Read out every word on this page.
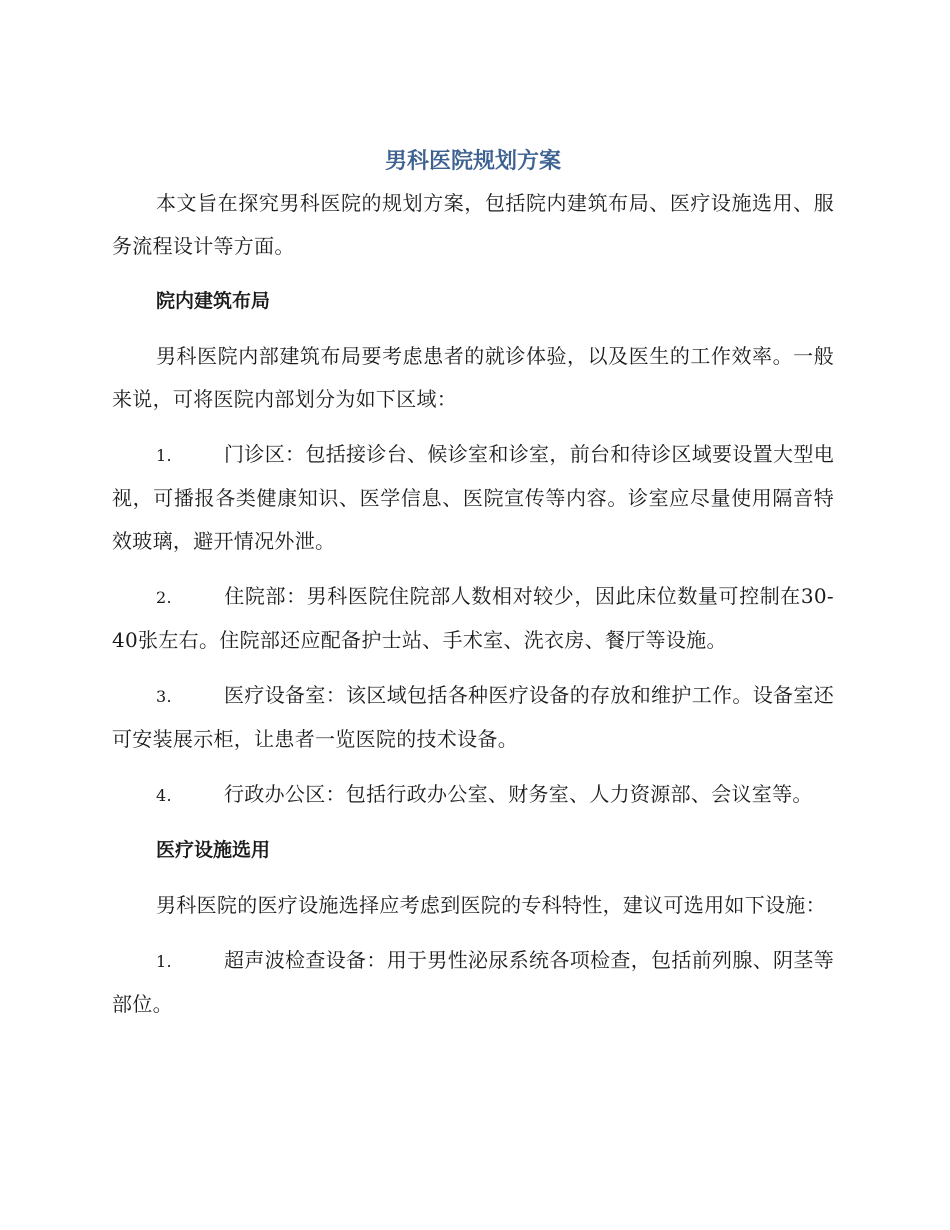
男科医院规划方案

本文旨在探究男科医院的规划方案，包括院内建筑布局、医疗设施选用、服务流程设计等方面。

院内建筑布局

男科医院内部建筑布局要考虑患者的就诊体验，以及医生的工作效率。一般来说，可将医院内部划分为如下区域：

1.	门诊区：包括接诊台、候诊室和诊室，前台和待诊区域要设置大型电视，可播报各类健康知识、医学信息、医院宣传等内容。诊室应尽量使用隔音特效玻璃，避开情况外泄。

2.	住院部：男科医院住院部人数相对较少，因此床位数量可控制在30-40张左右。住院部还应配备护士站、手术室、洗衣房、餐厅等设施。

3.	医疗设备室：该区域包括各种医疗设备的存放和维护工作。设备室还可安装展示柜，让患者一览医院的技术设备。

4.	行政办公区：包括行政办公室、财务室、人力资源部、会议室等。

医疗设施选用

男科医院的医疗设施选择应考虑到医院的专科特性，建议可选用如下设施：

1.	超声波检查设备：用于男性泌尿系统各项检查，包括前列腺、阴茎等部位。
